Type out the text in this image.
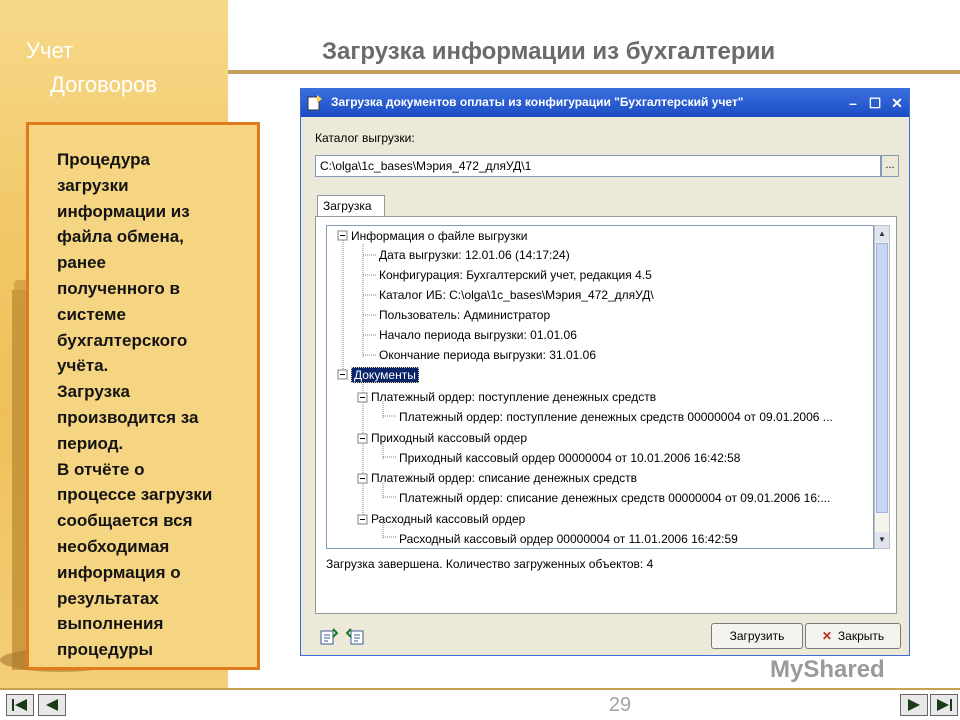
Учет
Договоров
Загрузка информации из бухгалтерии
Процедура
загрузки
информации из
файла обмена,
ранее
полученного в
системе
бухгалтерского
учёта.
Загрузка
производится за
период.
В отчёте о
процессе загрузки
сообщается вся
необходимая
информация о
результатах
выполнения
процедуры
Загрузка документов оплаты из конфигурации "Бухгалтерский учет"	– ☐ ✕
Каталог выгрузки:
C:\olga\1c_bases\Мэрия_472_дляУД\1	...
Загрузка
Информация о файле выгрузки
Дата выгрузки: 12.01.06 (14:17:24)
Конфигурация: Бухгалтерский учет, редакция 4.5
Каталог ИБ: C:\olga\1c_bases\Мэрия_472_дляУД\
Пользователь: Администратор
Начало периода выгрузки: 01.01.06
Окончание периода выгрузки: 31.01.06
Документы
Платежный ордер: поступление денежных средств
Платежный ордер: поступление денежных средств 00000004 от 09.01.2006 ...
Приходный кассовый ордер
Приходный кассовый ордер 00000004 от 10.01.2006 16:42:58
Платежный ордер: списание денежных средств
Платежный ордер: списание денежных средств 00000004 от 09.01.2006 16:...
Расходный кассовый ордер
Расходный кассовый ордер 00000004 от 11.01.2006 16:42:59
▲
▼
Загрузка завершена. Количество загруженных объектов: 4
Загрузить	✕ Закрыть
MyShared
29
